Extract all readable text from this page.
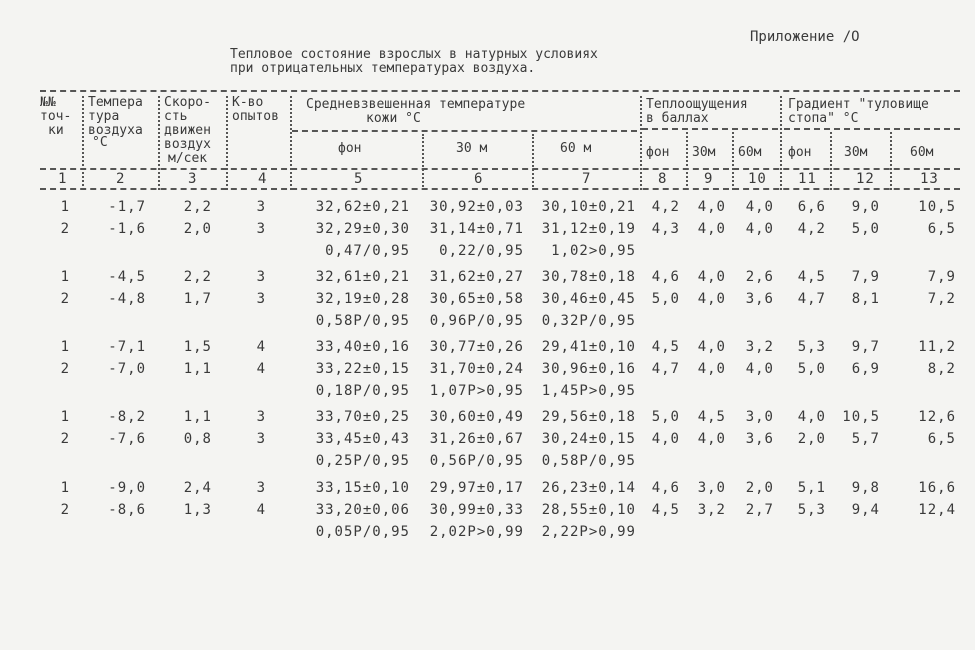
Приложение /О
Тепловое состояние взрослых в натурных условиях
при отрицательных температурах воздуха.
№№
точ-
ки
Темпера
тура
воздуха
°С
Скоро-
сть
движен
воздух
м/сек
К-во
опытов
Средневзвешенная температуре
кожи °С
фон	30 м	60 м
Теплоощущения
в баллах
фон 30м 60м
Градиент "туловище
стопа" °С
фон	30м	60м
1	2	3	4	5	6	7	8	9 10 11	12	13
1	-1,7	2,2	3	32,62±0,21	30,92±0,03	30,10±0,21	4,2	4,0	4,0	6,6	9,0	10,5
2	-1,6	2,0	3	32,29±0,30	31,14±0,71	31,12±0,19	4,3	4,0	4,0	4,2	5,0	6,5
0,47/0,95	0,22/0,95	1,02>0,95
1	-4,5	2,2	3	32,61±0,21	31,62±0,27	30,78±0,18	4,6	4,0	2,6	4,5	7,9	7,9
2	-4,8	1,7	3	32,19±0,28	30,65±0,58	30,46±0,45	5,0	4,0	3,6	4,7	8,1	7,2
0,58Р/0,95	0,96Р/0,95	0,32Р/0,95
1	-7,1	1,5	4	33,40±0,16	30,77±0,26	29,41±0,10	4,5	4,0	3,2	5,3	9,7	11,2
2	-7,0	1,1	4	33,22±0,15	31,70±0,24	30,96±0,16	4,7	4,0	4,0	5,0	6,9	8,2
0,18Р/0,95	1,07Р>0,95	1,45Р>0,95
1	-8,2	1,1	3	33,70±0,25	30,60±0,49	29,56±0,18	5,0	4,5	3,0	4,0	10,5	12,6
2	-7,6	0,8	3	33,45±0,43	31,26±0,67	30,24±0,15	4,0	4,0	3,6	2,0	5,7	6,5
0,25Р/0,95	0,56Р/0,95	0,58Р/0,95
1	-9,0	2,4	3	33,15±0,10	29,97±0,17	26,23±0,14	4,6	3,0	2,0	5,1	9,8	16,6
2	-8,6	1,3	4	33,20±0,06	30,99±0,33	28,55±0,10	4,5	3,2	2,7	5,3	9,4	12,4
0,05Р/0,95	2,02Р>0,99	2,22Р>0,99
